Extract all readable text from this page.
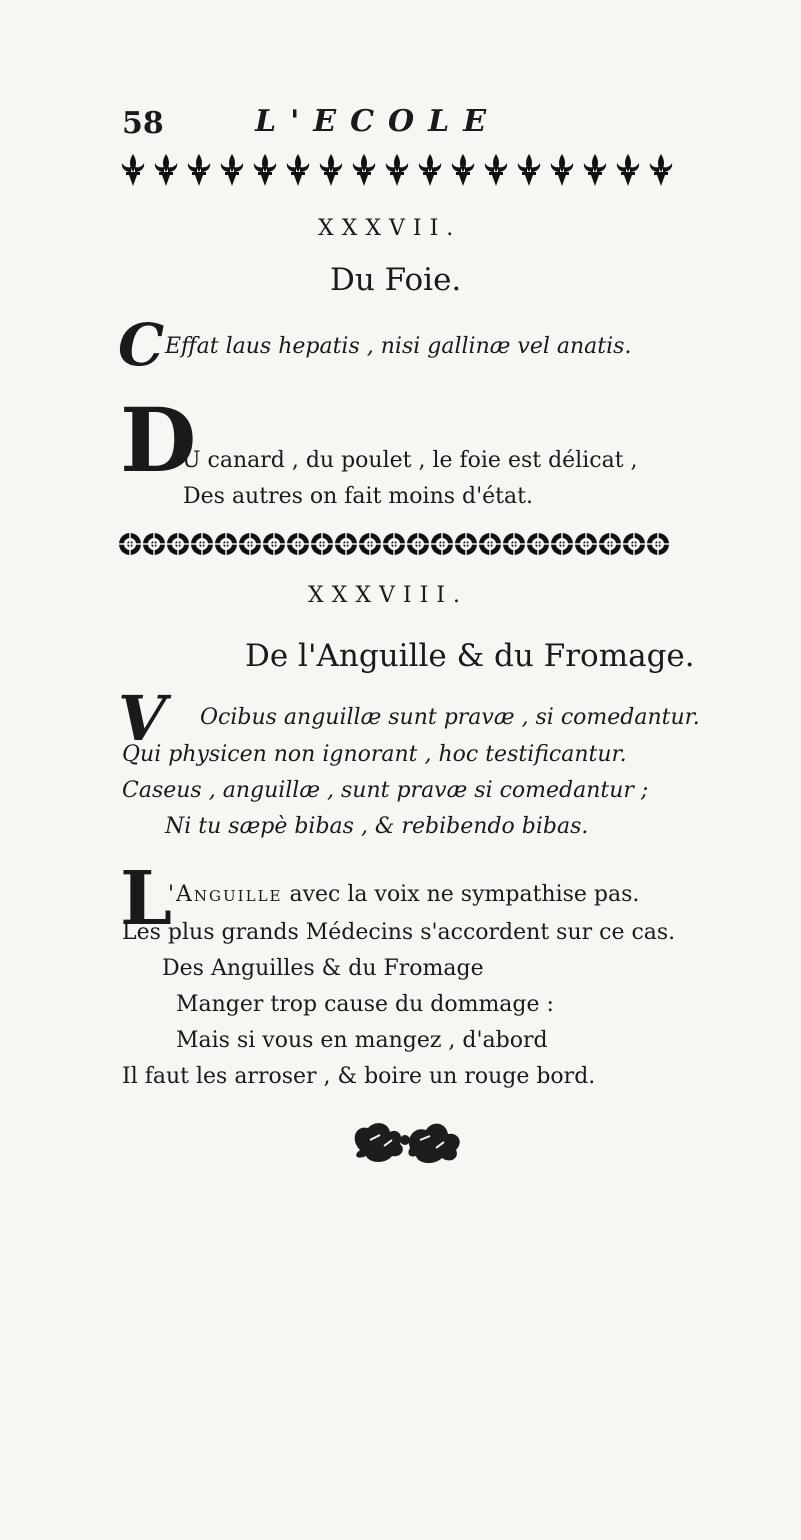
58	L'ECOLE
XXXVII.
Du Foie.
C Effat laus hepatis , nisi gallinæ vel anatis.
D
U canard , du poulet , le foie est délicat ,
Des autres on fait moins d'état.
XXXVIII.
De l'Anguille & du Fromage.
V Ocibus anguillæ sunt pravæ , si comedantur.
Qui physicen non ignorant , hoc testificantur.
Caseus , anguillæ , sunt pravæ si comedantur ;
Ni tu sæpè bibas , & rebibendo bibas.
L
'Anguille avec la voix ne sympathise pas.
Les plus grands Médecins s'accordent sur ce cas.
Des Anguilles & du Fromage
Manger trop cause du dommage :
Mais si vous en mangez , d'abord
Il faut les arroser , & boire un rouge bord.
